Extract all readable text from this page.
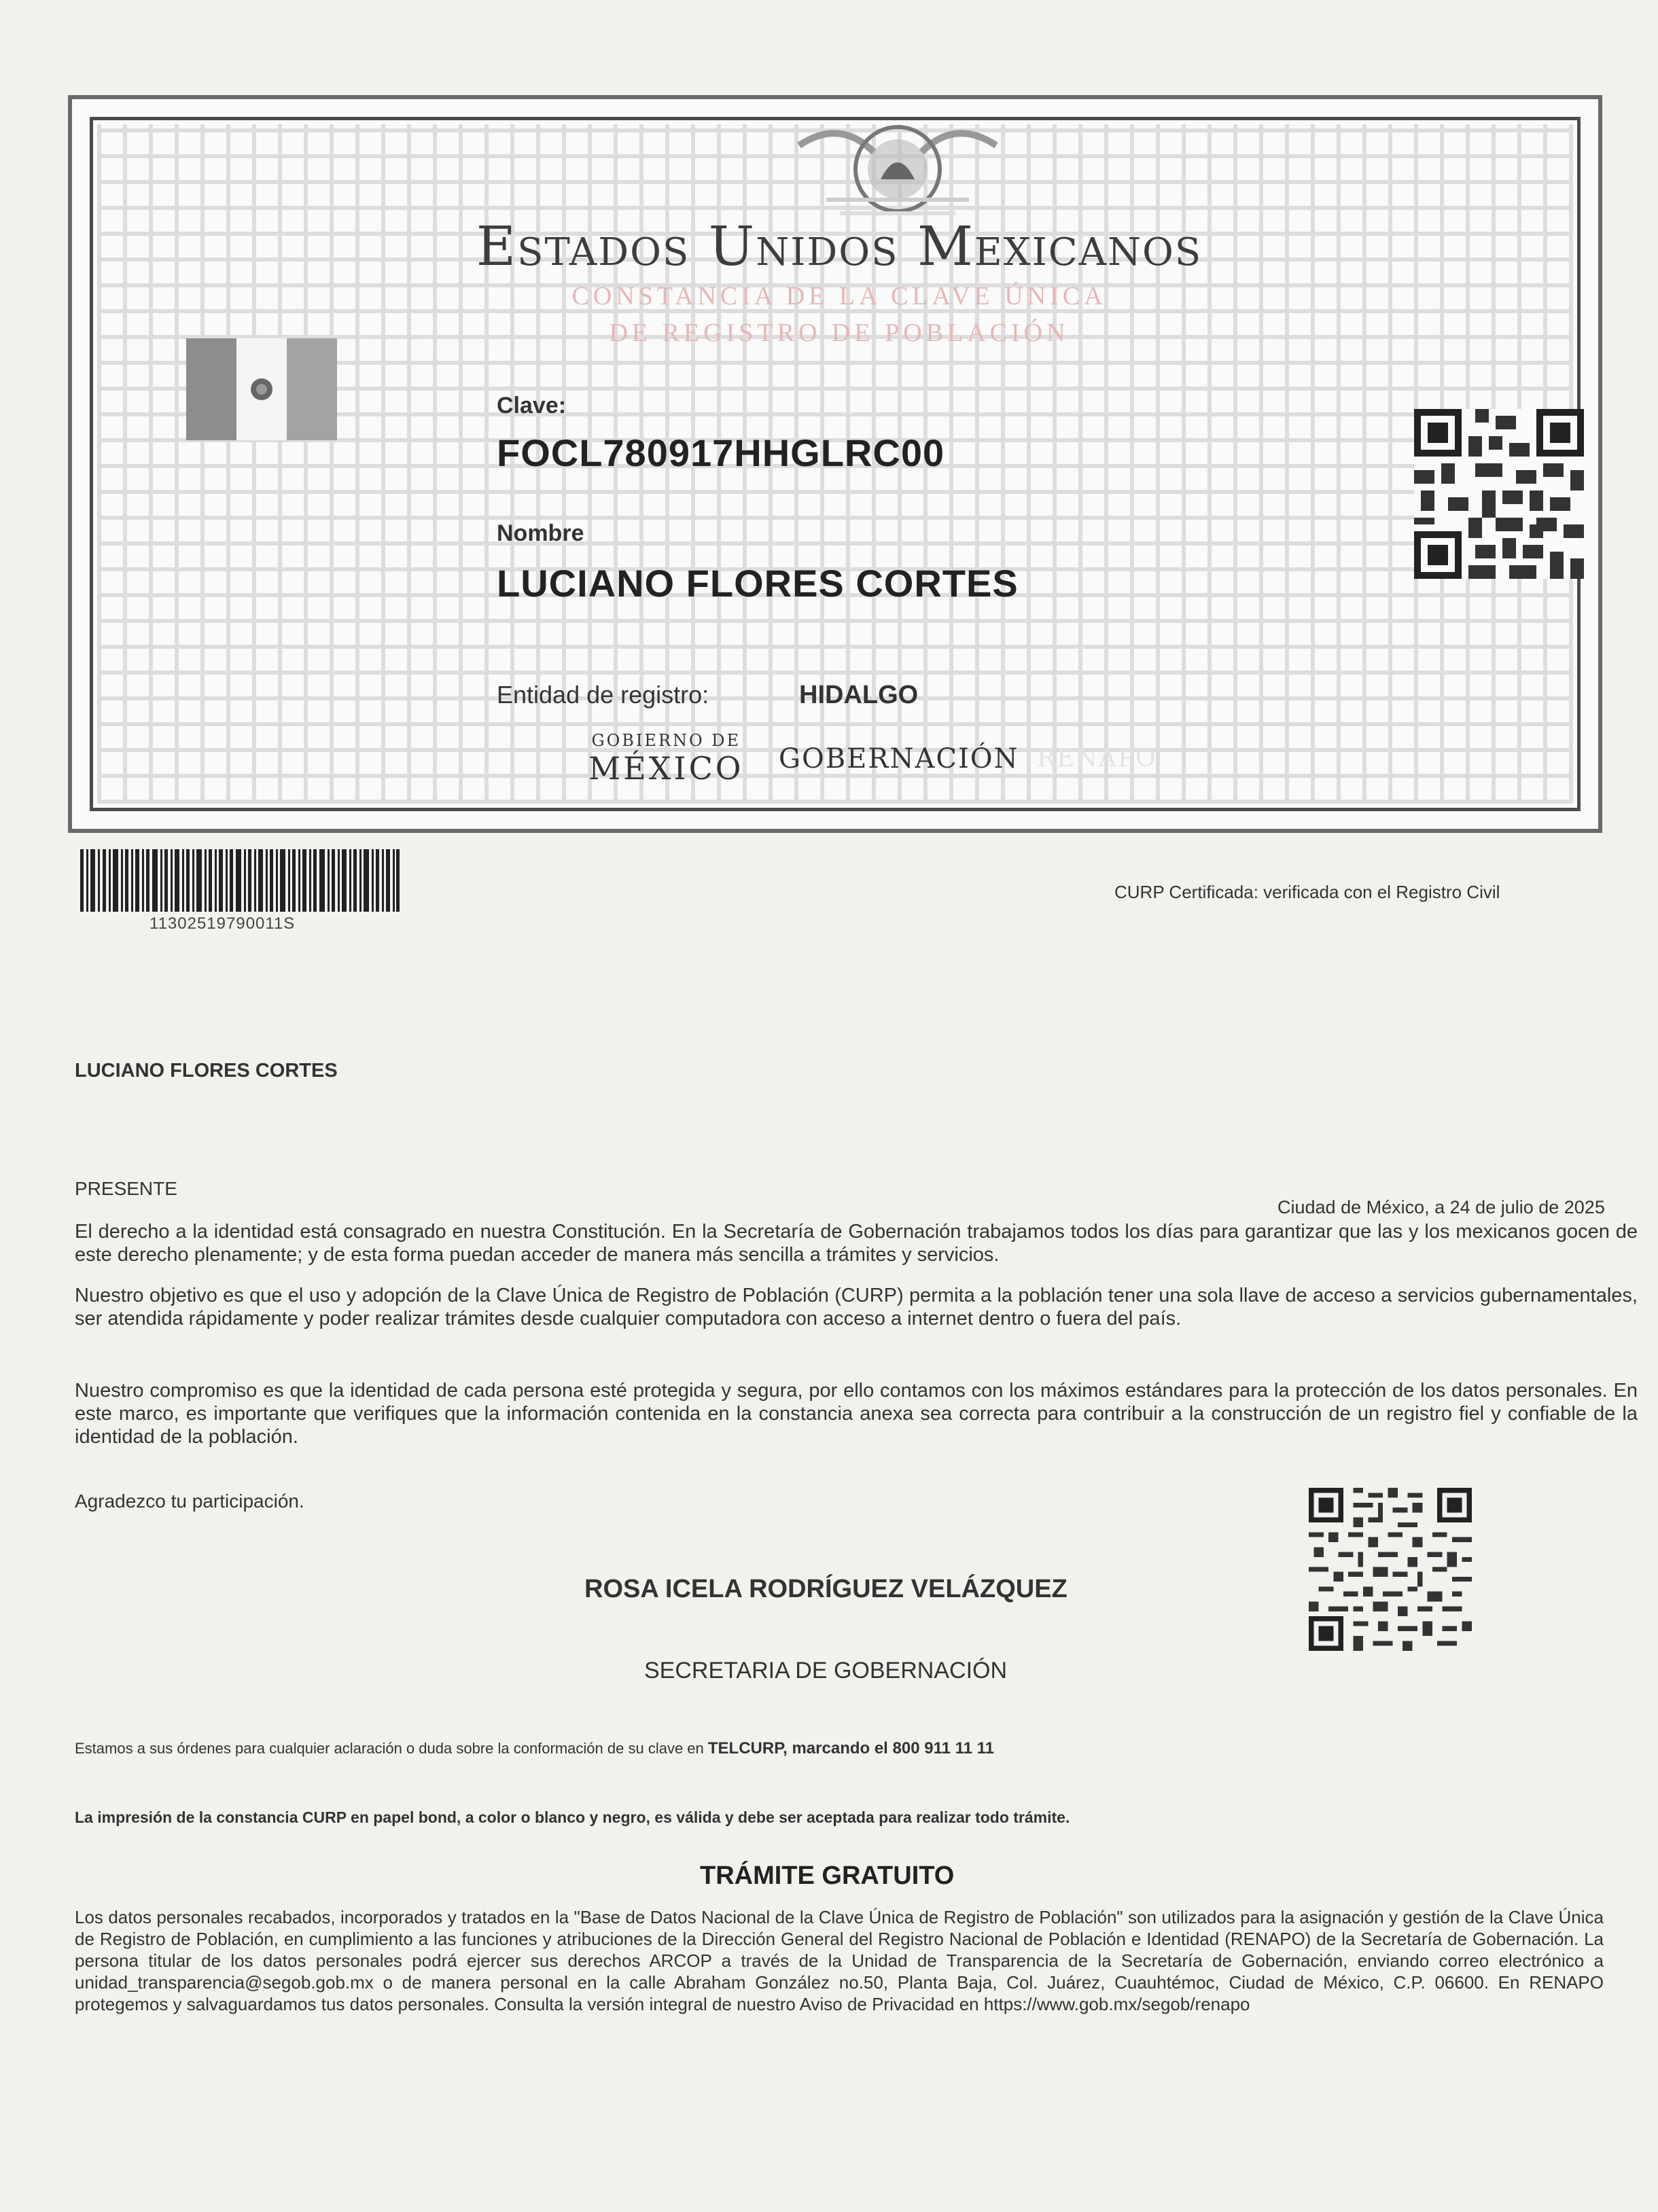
Estados Unidos Mexicanos
CONSTANCIA DE LA CLAVE ÚNICA
DE REGISTRO DE POBLACIÓN
Clave:
FOCL780917HHGLRC00
Nombre
LUCIANO FLORES CORTES
Entidad de registro:	HIDALGO
GOBIERNO DE
MÉXICO GOBERNACIÓN RENAPO
11302519790011S
CURP Certificada: verificada con el Registro Civil
LUCIANO FLORES CORTES
PRESENTE
Ciudad de México, a 24 de julio de 2025
El derecho a la identidad está consagrado en nuestra Constitución. En la Secretaría de Gobernación trabajamos todos los días para garantizar que las y los mexicanos gocen de este derecho plenamente; y de esta forma puedan acceder de manera más sencilla a trámites y servicios.
Nuestro objetivo es que el uso y adopción de la Clave Única de Registro de Población (CURP) permita a la población tener una sola llave de acceso a servicios gubernamentales, ser atendida rápidamente y poder realizar trámites desde cualquier computadora con acceso a internet dentro o fuera del país.
Nuestro compromiso es que la identidad de cada persona esté protegida y segura, por ello contamos con los máximos estándares para la protección de los datos personales. En este marco, es importante que verifiques que la información contenida en la constancia anexa sea correcta para contribuir a la construcción de un registro fiel y confiable de la identidad de la población.
Agradezco tu participación.
ROSA ICELA RODRÍGUEZ VELÁZQUEZ
SECRETARIA DE GOBERNACIÓN
Estamos a sus órdenes para cualquier aclaración o duda sobre la conformación de su clave en TELCURP, marcando el 800 911 11 11
La impresión de la constancia CURP en papel bond, a color o blanco y negro, es válida y debe ser aceptada para realizar todo trámite.
TRÁMITE GRATUITO
Los datos personales recabados, incorporados y tratados en la "Base de Datos Nacional de la Clave Única de Registro de Población" son utilizados para la asignación y gestión de la Clave Única de Registro de Población, en cumplimiento a las funciones y atribuciones de la Dirección General del Registro Nacional de Población e Identidad (RENAPO) de la Secretaría de Gobernación. La persona titular de los datos personales podrá ejercer sus derechos ARCOP a través de la Unidad de Transparencia de la Secretaría de Gobernación, enviando correo electrónico a unidad_transparencia@segob.gob.mx o de manera personal en la calle Abraham González no.50, Planta Baja, Col. Juárez, Cuauhtémoc, Ciudad de México, C.P. 06600. En RENAPO protegemos y salvaguardamos tus datos personales. Consulta la versión integral de nuestro Aviso de Privacidad en https://www.gob.mx/segob/renapo
